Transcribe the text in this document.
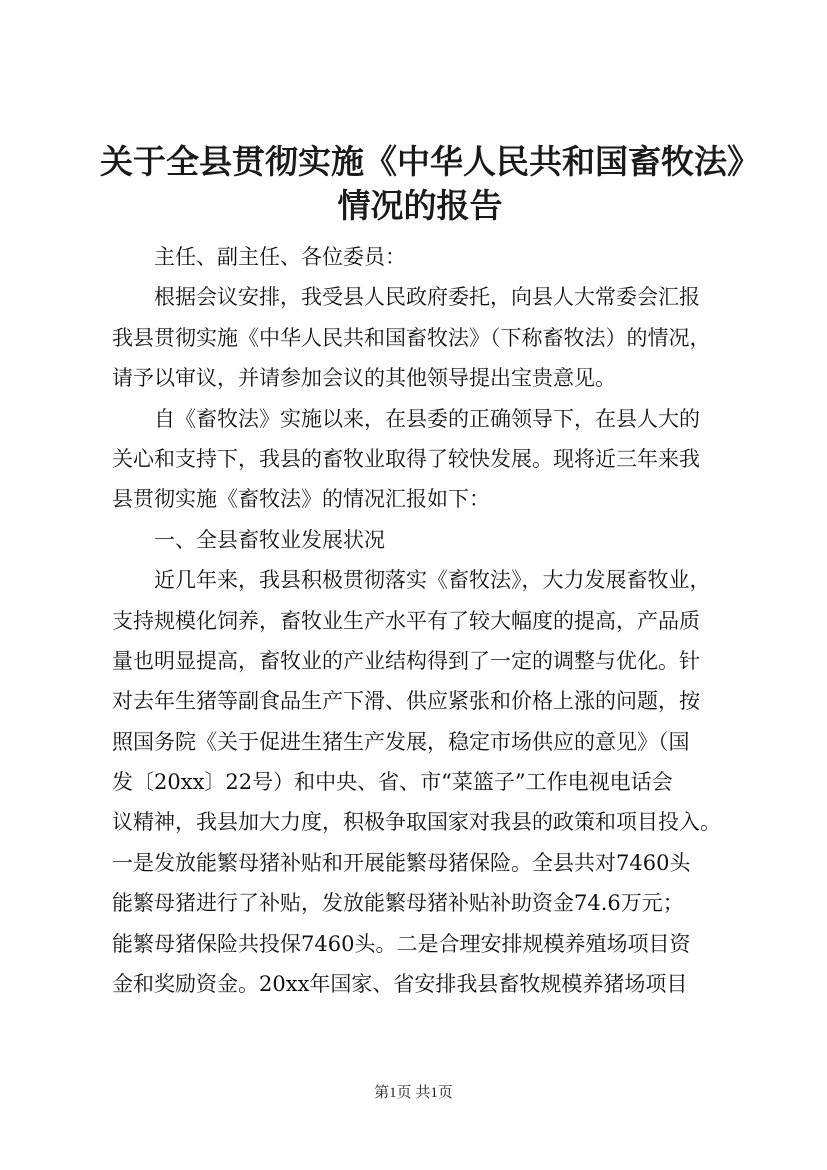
关于全县贯彻实施《中华人民共和国畜牧法》
情况的报告
　　主任、副主任、各位委员：
　　根据会议安排，我受县人民政府委托，向县人大常委会汇报
我县贯彻实施《中华人民共和国畜牧法》（下称畜牧法）的情况，
请予以审议，并请参加会议的其他领导提出宝贵意见。
　　自《畜牧法》实施以来，在县委的正确领导下，在县人大的
关心和支持下，我县的畜牧业取得了较快发展。现将近三年来我
县贯彻实施《畜牧法》的情况汇报如下：
　　一、全县畜牧业发展状况
　　近几年来，我县积极贯彻落实《畜牧法》，大力发展畜牧业，
支持规模化饲养，畜牧业生产水平有了较大幅度的提高，产品质
量也明显提高，畜牧业的产业结构得到了一定的调整与优化。针
对去年生猪等副食品生产下滑、供应紧张和价格上涨的问题，按
照国务院《关于促进生猪生产发展，稳定市场供应的意见》（国
发〔20xx〕22号）和中央、省、市“菜篮子”工作电视电话会
议精神，我县加大力度，积极争取国家对我县的政策和项目投入。
一是发放能繁母猪补贴和开展能繁母猪保险。全县共对7460头
能繁母猪进行了补贴，发放能繁母猪补贴补助资金74.6万元；
能繁母猪保险共投保7460头。二是合理安排规模养殖场项目资
金和奖励资金。20xx年国家、省安排我县畜牧规模养猪场项目
第1页 共1页
